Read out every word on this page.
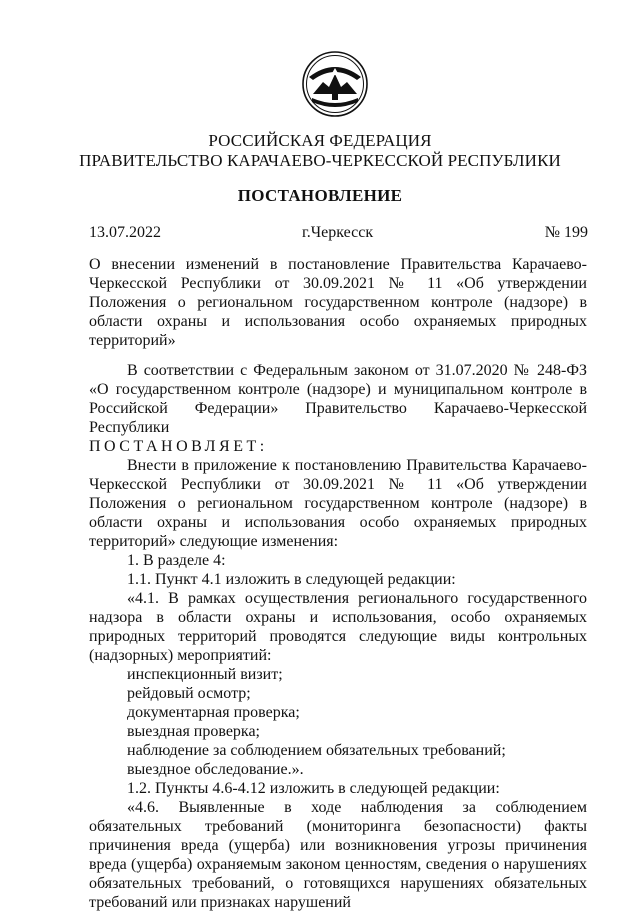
РОССИЙСКАЯ ФЕДЕРАЦИЯ
ПРАВИТЕЛЬСТВО КАРАЧАЕВО-ЧЕРКЕССКОЙ РЕСПУБЛИКИ
ПОСТАНОВЛЕНИЕ
13.07.2022	г.Черкесск	№ 199
О внесении изменений в постановление Правительства Карачаево-Черкесской Республики от 30.09.2021 № 11 «Об утверждении Положения о региональном государственном контроле (надзоре) в области охраны и использования особо охраняемых природных территорий»

В соответствии с Федеральным законом от 31.07.2020 № 248-ФЗ «О государственном контроле (надзоре) и муниципальном контроле в Российской Федерации» Правительство Карачаево-Черкесской Республики

ПОСТАНОВЛЯЕТ:

Внести в приложение к постановлению Правительства Карачаево-Черкесской Республики от 30.09.2021 № 11 «Об утверждении Положения о региональном государственном контроле (надзоре) в области охраны и использования особо охраняемых природных территорий» следующие изменения:

1. В разделе 4:

1.1. Пункт 4.1 изложить в следующей редакции:

«4.1. В рамках осуществления регионального государственного надзора в области охраны и использования, особо охраняемых природных территорий проводятся следующие виды контрольных (надзорных) мероприятий:

инспекционный визит;

рейдовый осмотр;

документарная проверка;

выездная проверка;

наблюдение за соблюдением обязательных требований;

выездное обследование.».

1.2. Пункты 4.6-4.12 изложить в следующей редакции:

«4.6. Выявленные в ходе наблюдения за соблюдением обязательных требований (мониторинга безопасности) факты причинения вреда (ущерба) или возникновения угрозы причинения вреда (ущерба) охраняемым законом ценностям, сведения о нарушениях обязательных требований, о готовящихся нарушениях обязательных требований или признаках нарушений
